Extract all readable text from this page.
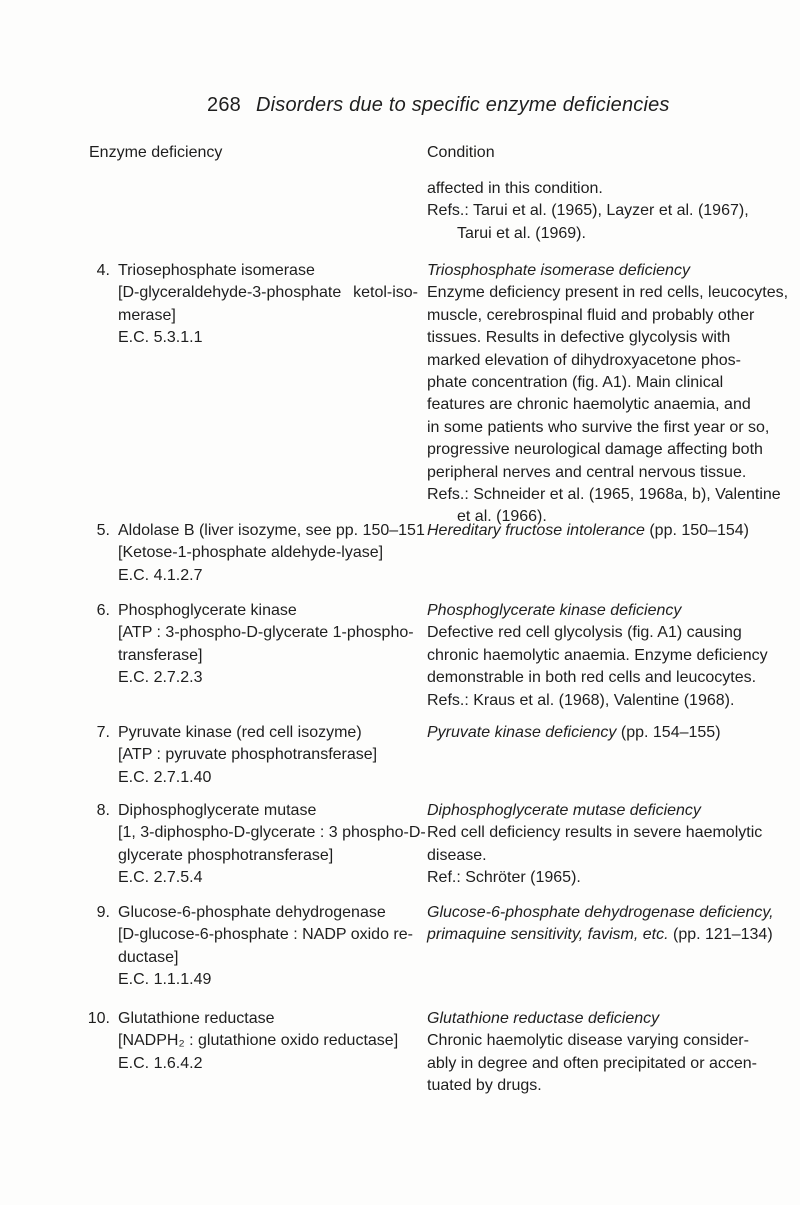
268 Disorders due to specific enzyme deficiencies
Enzyme deficiency	Condition
affected in this condition.
Refs.: Tarui et al. (1965), Layzer et al. (1967),
Tarui et al. (1969).
4. Triosephosphate isomerase
[D-glyceraldehyde-3-phosphate ketol-iso-
merase]
E.C. 5.3.1.1
Triosphosphate isomerase deficiency
Enzyme deficiency present in red cells, leucocytes,
muscle, cerebrospinal fluid and probably other
tissues. Results in defective glycolysis with
marked elevation of dihydroxyacetone phos-
phate concentration (fig. A1). Main clinical
features are chronic haemolytic anaemia, and
in some patients who survive the first year or so,
progressive neurological damage affecting both
peripheral nerves and central nervous tissue.
Refs.: Schneider et al. (1965, 1968a, b), Valentine
et al. (1966).
5. Aldolase B (liver isozyme, see pp. 150–151
[Ketose-1-phosphate aldehyde-lyase]
E.C. 4.1.2.7
Hereditary fructose intolerance (pp. 150–154)
6. Phosphoglycerate kinase
[ATP : 3-phospho-D-glycerate 1-phospho-
transferase]
E.C. 2.7.2.3
Phosphoglycerate kinase deficiency
Defective red cell glycolysis (fig. A1) causing
chronic haemolytic anaemia. Enzyme deficiency
demonstrable in both red cells and leucocytes.
Refs.: Kraus et al. (1968), Valentine (1968).
7. Pyruvate kinase (red cell isozyme)
[ATP : pyruvate phosphotransferase]
E.C. 2.7.1.40
Pyruvate kinase deficiency (pp. 154–155)
8. Diphosphoglycerate mutase
[1, 3-diphospho-D-glycerate : 3 phospho-D-
glycerate phosphotransferase]
E.C. 2.7.5.4
Diphosphoglycerate mutase deficiency
Red cell deficiency results in severe haemolytic
disease.
Ref.: Schröter (1965).
9. Glucose-6-phosphate dehydrogenase
[D-glucose-6-phosphate : NADP oxido re-
ductase]
E.C. 1.1.1.49
Glucose-6-phosphate dehydrogenase deficiency,
primaquine sensitivity, favism, etc. (pp. 121–134)
10. Glutathione reductase
[NADPH₂ : glutathione oxido reductase]
E.C. 1.6.4.2
Glutathione reductase deficiency
Chronic haemolytic disease varying consider-
ably in degree and often precipitated or accen-
tuated by drugs.
